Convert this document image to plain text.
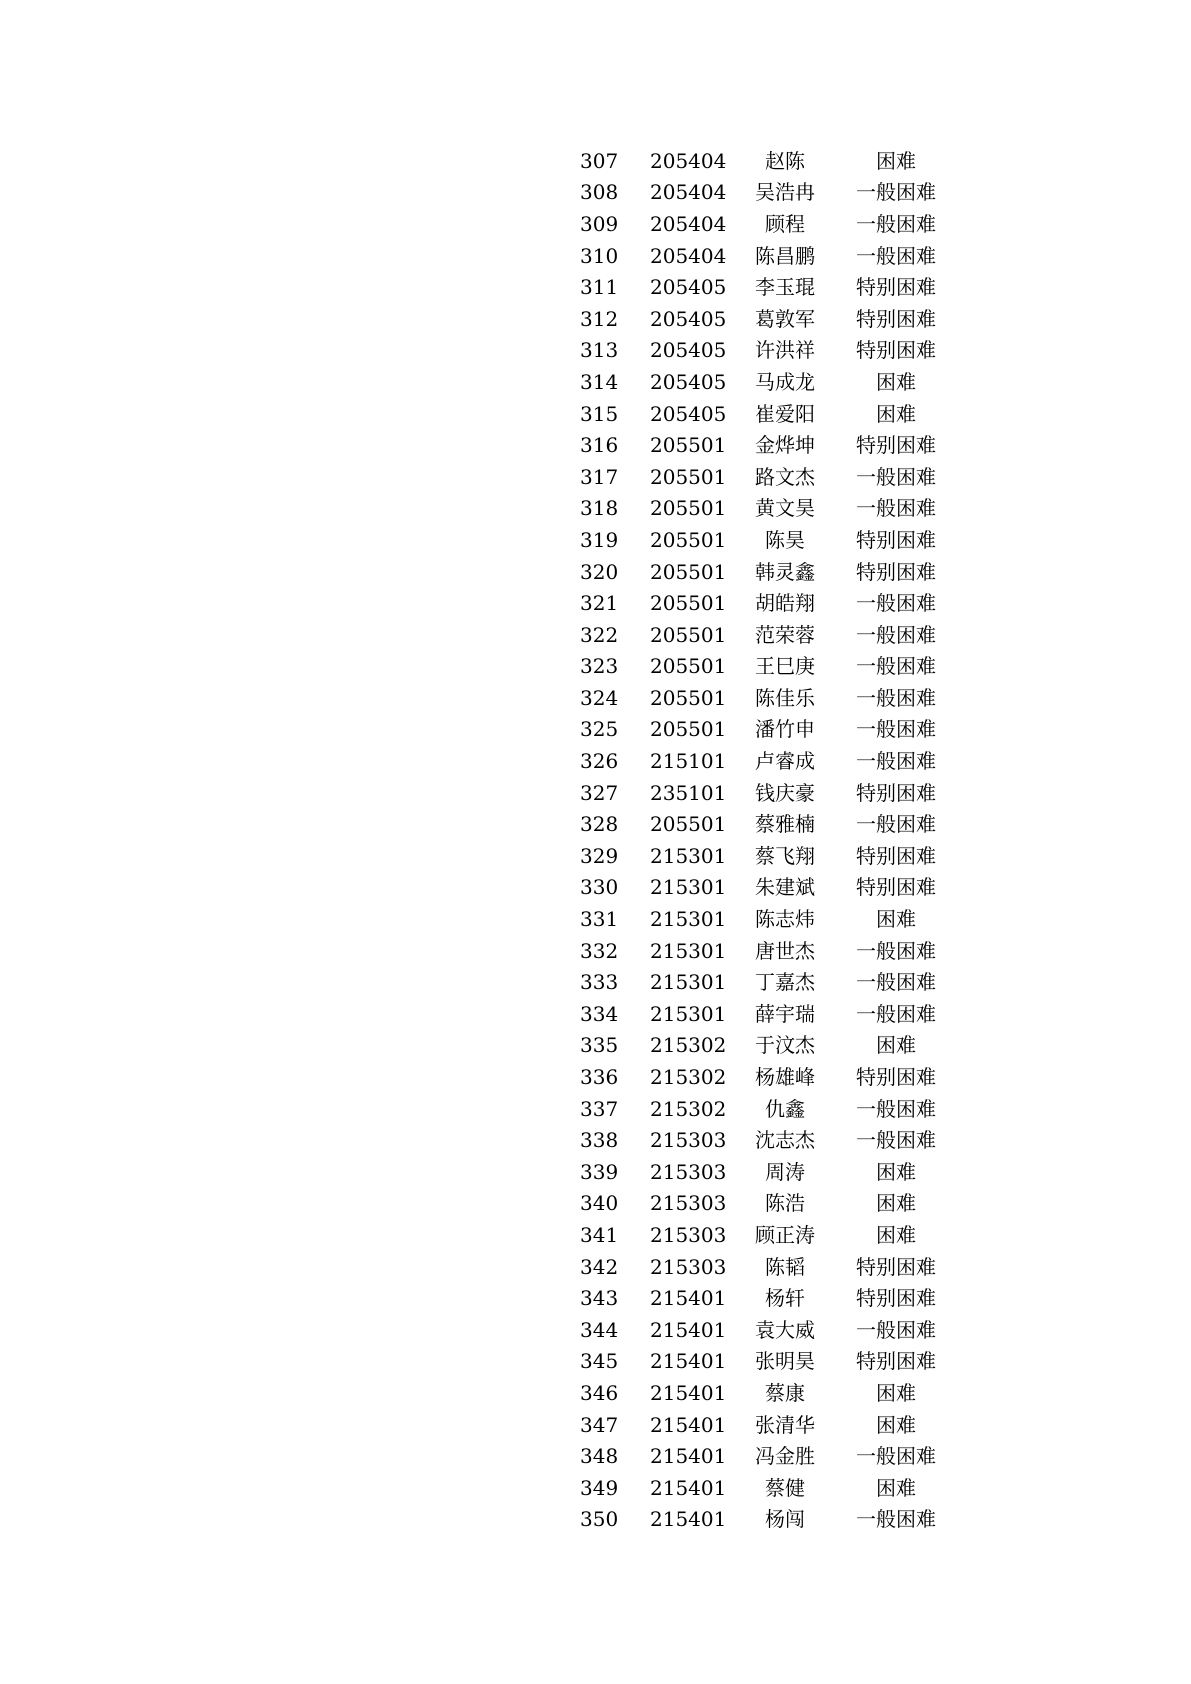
307	205404	赵陈	困难
308	205404	吴浩冉	一般困难
309	205404	顾程	一般困难
310	205404	陈昌鹏	一般困难
311	205405	李玉琨	特别困难
312	205405	葛敦军	特别困难
313	205405	许洪祥	特别困难
314	205405	马成龙	困难
315	205405	崔爱阳	困难
316	205501	金烨坤	特别困难
317	205501	路文杰	一般困难
318	205501	黄文昊	一般困难
319	205501	陈昊	特别困难
320	205501	韩灵鑫	特别困难
321	205501	胡皓翔	一般困难
322	205501	范荣蓉	一般困难
323	205501	王巳庚	一般困难
324	205501	陈佳乐	一般困难
325	205501	潘竹申	一般困难
326	215101	卢睿成	一般困难
327	235101	钱庆豪	特别困难
328	205501	蔡雅楠	一般困难
329	215301	蔡飞翔	特别困难
330	215301	朱建斌	特别困难
331	215301	陈志炜	困难
332	215301	唐世杰	一般困难
333	215301	丁嘉杰	一般困难
334	215301	薛宇瑞	一般困难
335	215302	于汶杰	困难
336	215302	杨雄峰	特别困难
337	215302	仇鑫	一般困难
338	215303	沈志杰	一般困难
339	215303	周涛	困难
340	215303	陈浩	困难
341	215303	顾正涛	困难
342	215303	陈韬	特别困难
343	215401	杨轩	特别困难
344	215401	袁大威	一般困难
345	215401	张明昊	特别困难
346	215401	蔡康	困难
347	215401	张清华	困难
348	215401	冯金胜	一般困难
349	215401	蔡健	困难
350	215401	杨闯	一般困难
